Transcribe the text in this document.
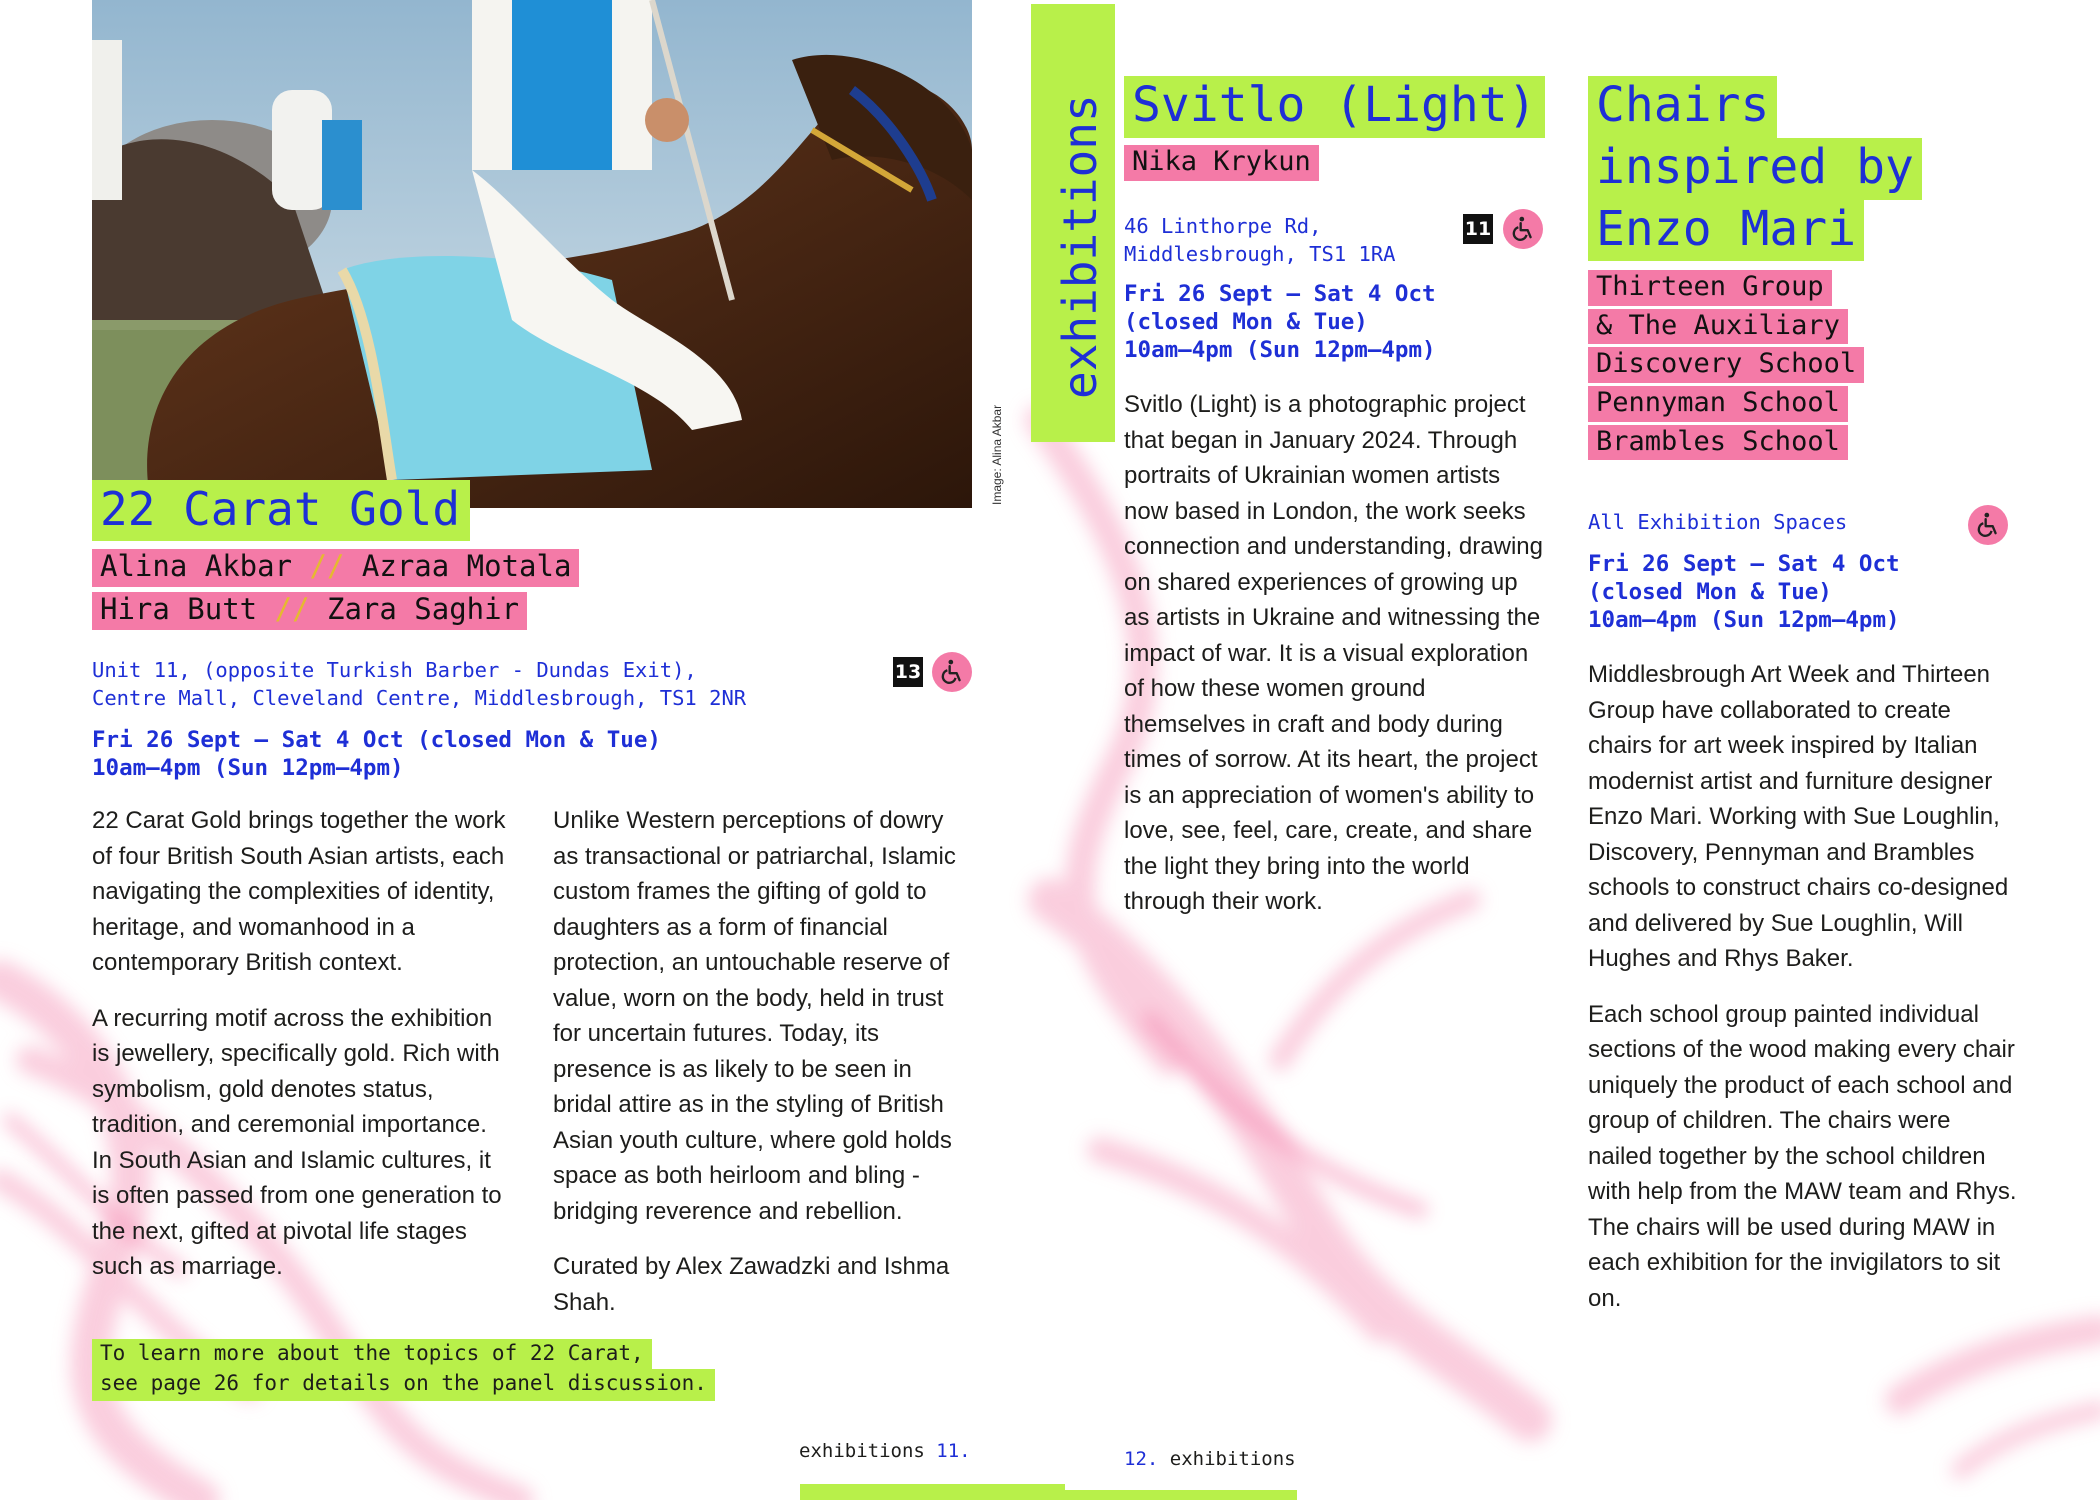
Image: Alina Akbar
22 Carat Gold
Alina Akbar // Azraa Motala
Hira Butt // Zara Saghir
Unit 11, (opposite Turkish Barber - Dundas Exit),
Centre Mall, Cleveland Centre, Middlesbrough, TS1 2NR
13
Fri 26 Sept – Sat 4 Oct (closed Mon & Tue)
10am–4pm (Sun 12pm–4pm)

22 Carat Gold brings together the work of four British South Asian artists, each navigating the complexities of identity, heritage, and womanhood in a contemporary British context.

A recurring motif across the exhibition is jewellery, specifically gold. Rich with symbolism, gold denotes status, tradition, and ceremonial importance. In South Asian and Islamic cultures, it is often passed from one generation to the next, gifted at pivotal life stages such as marriage.

Unlike Western perceptions of dowry as transactional or patriarchal, Islamic custom frames the gifting of gold to daughters as a form of financial protection, an untouchable reserve of value, worn on the body, held in trust for uncertain futures. Today, its presence is as likely to be seen in bridal attire as in the styling of British Asian youth culture, where gold holds space as both heirloom and bling -bridging reverence and rebellion.

Curated by Alex Zawadzki and Ishma Shah.

To learn more about the topics of 22 Carat,
see page 26 for details on the panel discussion.
exhibitions 11.
exhibitions Svitlo (Light)
Nika Krykun
46 Linthorpe Rd,
Middlesbrough, TS1 1RA
11
Fri 26 Sept – Sat 4 Oct
(closed Mon & Tue)
10am–4pm (Sun 12pm–4pm)

Svitlo (Light) is a photographic project that began in January 2024. Through portraits of Ukrainian women artists now based in London, the work seeks connection and understanding, drawing on shared experiences of growing up as artists in Ukraine and witnessing the impact of war. It is a visual exploration of how these women ground themselves in craft and body during times of sorrow. At its heart, the project is an appreciation of women's ability to love, see, feel, care, create, and share the light they bring into the world through their work.

Chairs
inspired by
Enzo Mari
Thirteen Group
& The Auxiliary
Discovery School
Pennyman School
Brambles School
All Exhibition Spaces
Fri 26 Sept – Sat 4 Oct
(closed Mon & Tue)
10am–4pm (Sun 12pm–4pm)

Middlesbrough Art Week and Thirteen Group have collaborated to create chairs for art week inspired by Italian modernist artist and furniture designer Enzo Mari. Working with Sue Loughlin, Discovery, Pennyman and Brambles schools to construct chairs co-designed and delivered by Sue Loughlin, Will Hughes and Rhys Baker.

Each school group painted individual sections of the wood making every chair uniquely the product of each school and group of children. The chairs were nailed together by the school children with help from the MAW team and Rhys. The chairs will be used during MAW in each exhibition for the invigilators to sit on.

12. exhibitions
